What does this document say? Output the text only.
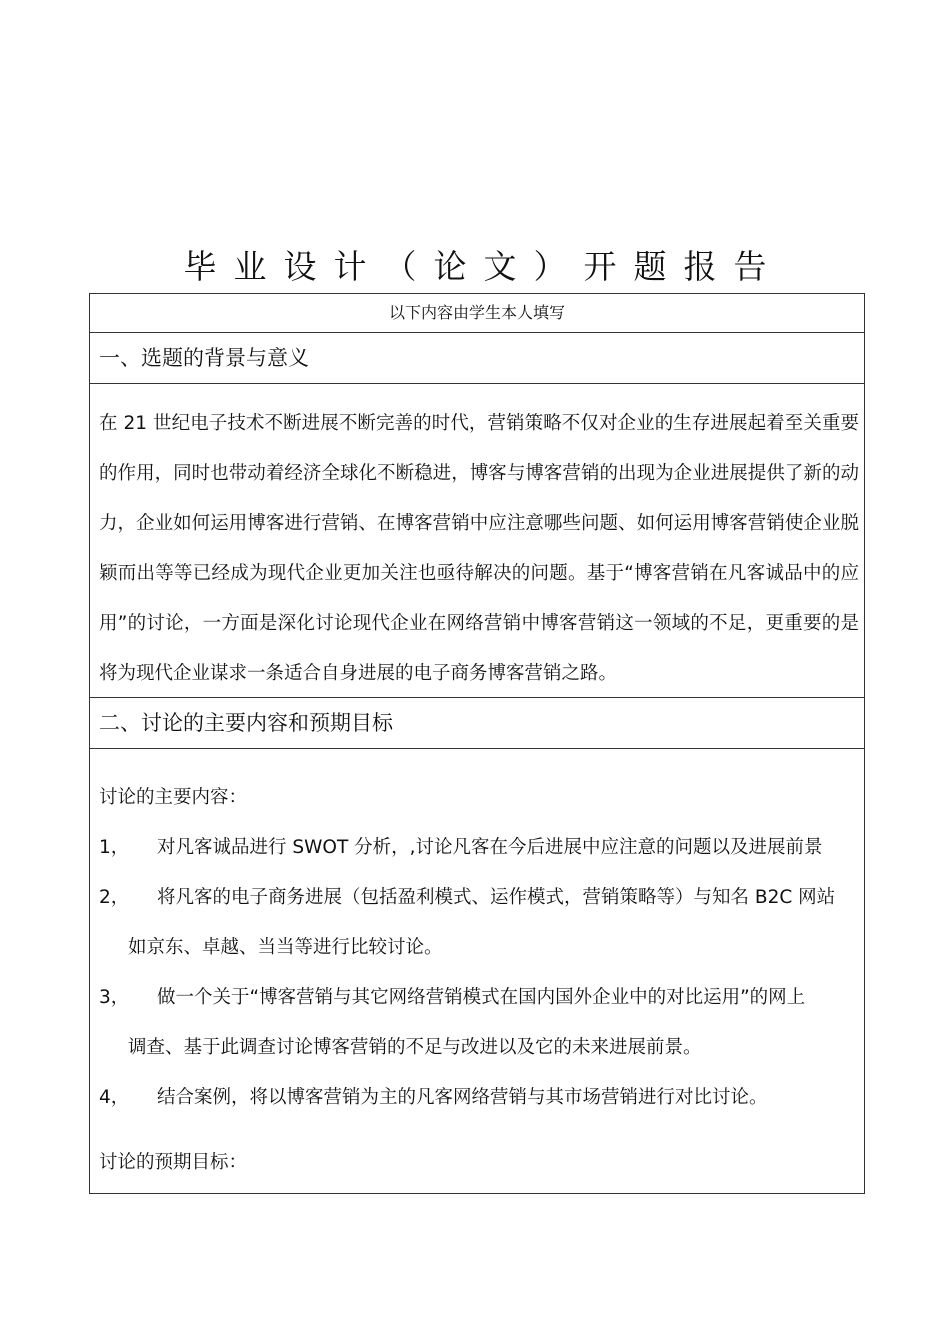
毕业设计（论文）开题报告
以下内容由学生本人填写
一、选题的背景与意义
在 21 世纪电子技术不断进展不断完善的时代，营销策略不仅对企业的生存进展起着至关重要的作用，同时也带动着经济全球化不断稳进，博客与博客营销的出现为企业进展提供了新的动力，企业如何运用博客进行营销、在博客营销中应注意哪些问题、如何运用博客营销使企业脱颖而出等等已经成为现代企业更加关注也亟待解决的问题。基于“博客营销在凡客诚品中的应用”的讨论，一方面是深化讨论现代企业在网络营销中博客营销这一领域的不足，更重要的是将为现代企业谋求一条适合自身进展的电子商务博客营销之路。
二、讨论的主要内容和预期目标
讨论的主要内容：
1， 对凡客诚品进行 SWOT 分析，,讨论凡客在今后进展中应注意的问题以及进展前景
2， 将凡客的电子商务进展（包括盈利模式、运作模式，营销策略等）与知名 B2C 网站
如京东、卓越、当当等进行比较讨论。
3， 做一个关于“博客营销与其它网络营销模式在国内国外企业中的对比运用”的网上
调查、基于此调查讨论博客营销的不足与改进以及它的未来进展前景。
4， 结合案例，将以博客营销为主的凡客网络营销与其市场营销进行对比讨论。
讨论的预期目标：
